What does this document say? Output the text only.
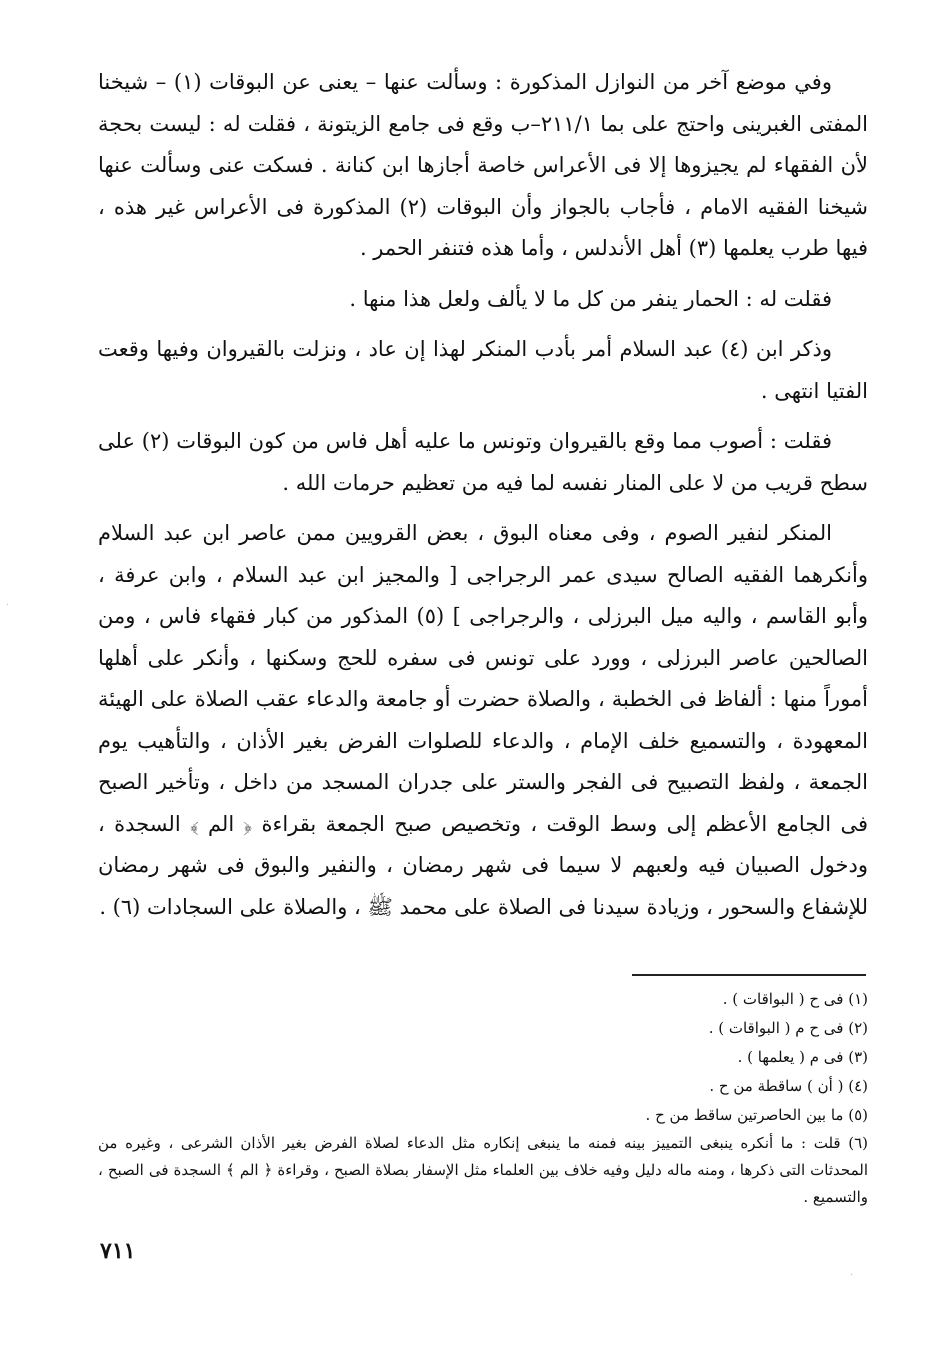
وفي موضع آخر من النوازل المذكورة : وسألت عنها – يعنى عن البوقات (١) – شيخنا المفتى الغبرينى واحتج على بما ٢١١/١–ب وقع فى جامع الزيتونة ، فقلت له : ليست بحجة لأن الفقهاء لم يجيزوها إلا فى الأعراس خاصة أجازها ابن كنانة . فسكت عنى وسألت عنها شيخنا الفقيه الامام ، فأجاب بالجواز وأن البوقات (٢) المذكورة فى الأعراس غير هذه ، فيها طرب يعلمها (٣) أهل الأندلس ، وأما هذه فتنفر الحمر .

فقلت له : الحمار ينفر من كل ما لا يألف ولعل هذا منها .

وذكر ابن (٤) عبد السلام أمر بأدب المنكر لهذا إن عاد ، ونزلت بالقيروان وفيها وقعت الفتيا انتهى .

فقلت : أصوب مما وقع بالقيروان وتونس ما عليه أهل فاس من كون البوقات (٢) على سطح قريب من لا على المنار نفسه لما فيه من تعظيم حرمات الله .

المنكر لنفير الصوم ، وفى معناه البوق ، بعض القرويين ممن عاصر ابن عبد السلام وأنكرهما الفقيه الصالح سيدى عمر الرجراجى [ والمجيز ابن عبد السلام ، وابن عرفة ، وأبو القاسم ، واليه ميل البرزلى ، والرجراجى ] (٥) المذكور من كبار فقهاء فاس ، ومن الصالحين عاصر البرزلى ، وورد على تونس فى سفره للحج وسكنها ، وأنكر على أهلها أموراً منها : ألفاظ فى الخطبة ، والصلاة حضرت أو جامعة والدعاء عقب الصلاة على الهيئة المعهودة ، والتسميع خلف الإمام ، والدعاء للصلوات الفرض بغير الأذان ، والتأهيب يوم الجمعة ، ولفظ التصبيح فى الفجر والستر على جدران المسجد من داخل ، وتأخير الصبح فى الجامع الأعظم إلى وسط الوقت ، وتخصيص صبح الجمعة بقراءة ﴿ الم ﴾ السجدة ، ودخول الصبيان فيه ولعبهم لا سيما فى شهر رمضان ، والنفير والبوق فى شهر رمضان للإشفاع والسحور ، وزيادة سيدنا فى الصلاة على محمد ﷺ ، والصلاة على السجادات (٦) .

(١) فى ح ( البواقات ) .
(٢) فى ح م ( البواقات ) .
(٣) فى م ( يعلمها ) .
(٤) ( أن ) ساقطة من ح .
(٥) ما بين الحاصرتين ساقط من ح .
(٦) قلت : ما أنكره ينبغى التمييز بينه فمنه ما ينبغى إنكاره مثل الدعاء لصلاة الفرض بغير الأذان الشرعى ، وغيره من المحدثات التى ذكرها ، ومنه ماله دليل وفيه خلاف بين العلماء مثل الإسفار بصلاة الصبح ، وقراءة ﴿ الم ﴾ السجدة فى الصبح ، والتسميع .
٧١١
·
·
